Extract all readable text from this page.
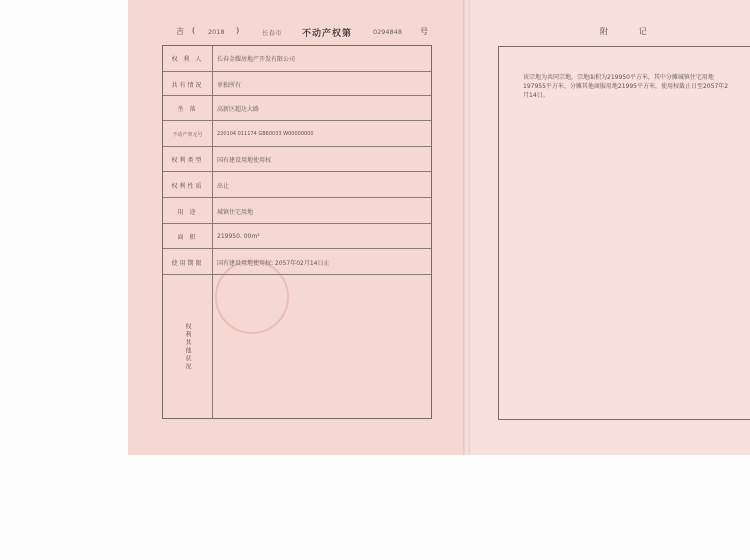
吉 ( 2018 )	长春市 不动产权第	0294848 号
权 利 人	长春金耀房地产开发有限公司
共有情况	单独所有
坐 落	高新区超达大路
不动产单元号	220104 011174 GB60033 W00000000
权利类型	国有建设用地使用权
权利性质	出让
用 途	城镇住宅用地
面 积	219950. 00m²
使用期限	国有建设用地使用权: 2057年02月14日止
权利其他状况
附 记
该宗地为共同宗地，宗地面积为219950平方米，其中分摊城镇住宅用地197955平方米，分摊其他商服用地21995平方米，使用权截止日至2057年2月14日。
